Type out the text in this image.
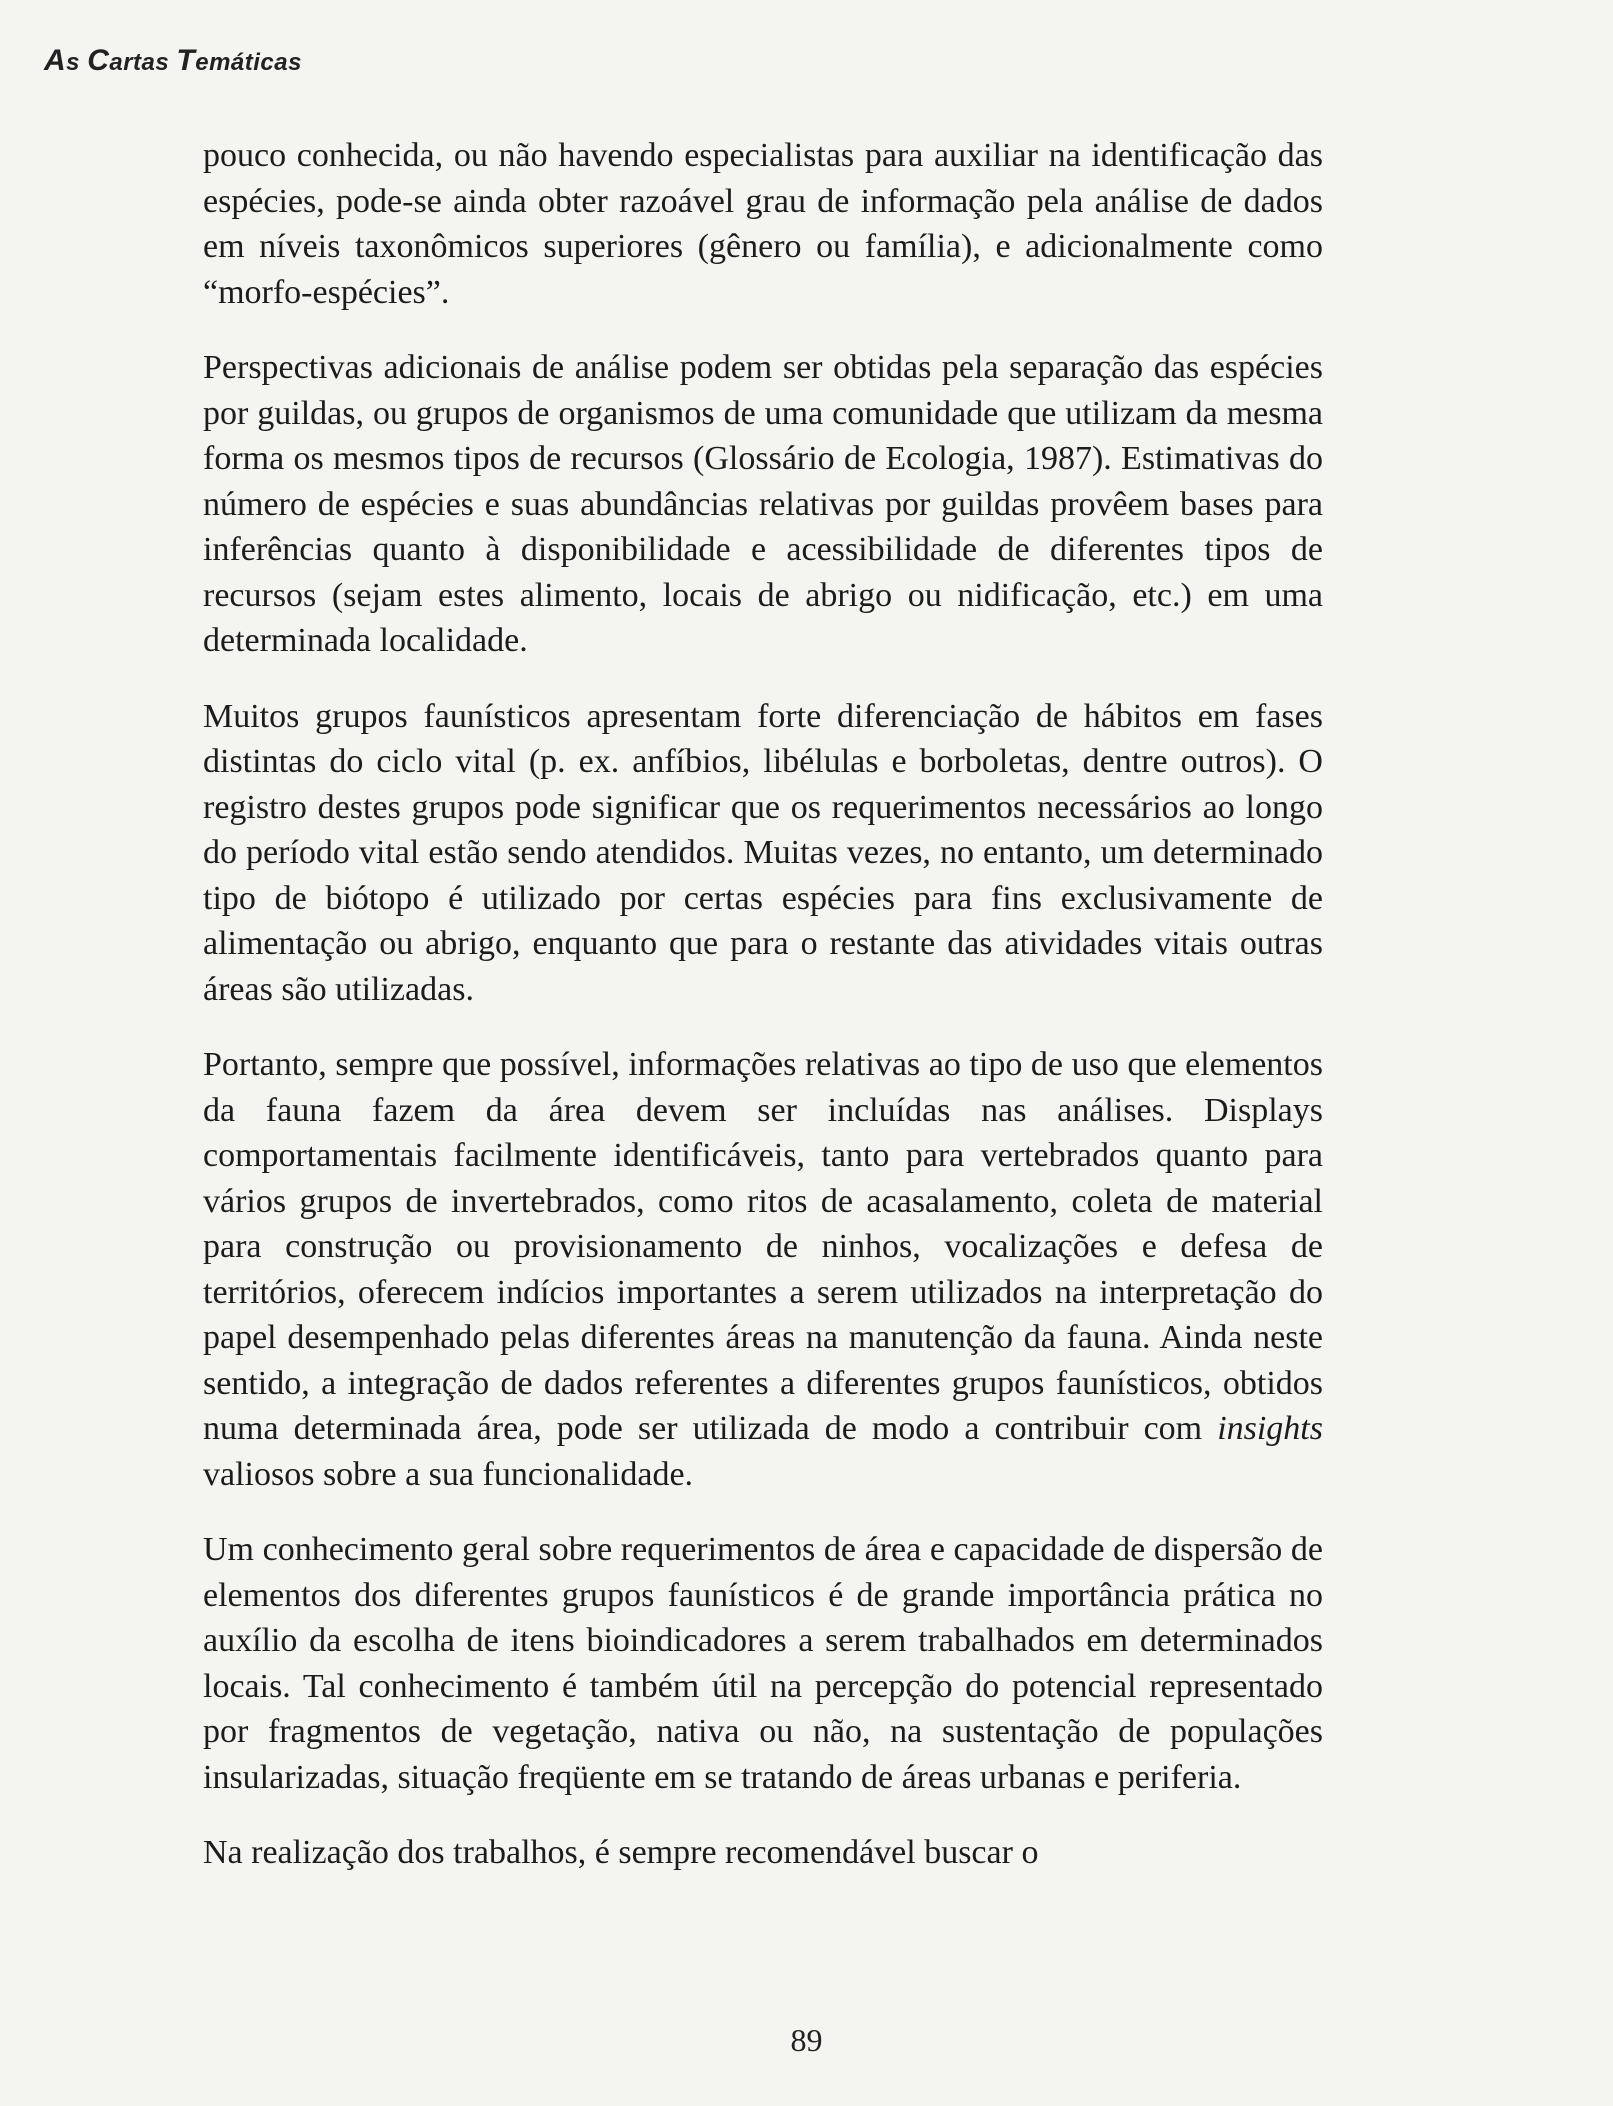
As Cartas Temáticas

pouco conhecida, ou não havendo especialistas para auxiliar na identificação das espécies, pode-se ainda obter razoável grau de informação pela análise de dados em níveis taxonômicos superiores (gênero ou família), e adicionalmente como “morfo-espécies”.

Perspectivas adicionais de análise podem ser obtidas pela separação das espécies por guildas, ou grupos de organismos de uma comunidade que utilizam da mesma forma os mesmos tipos de recursos (Glossário de Ecologia, 1987). Estimativas do número de espécies e suas abundâncias relativas por guildas provêem bases para inferências quanto à disponibilidade e acessibilidade de diferentes tipos de recursos (sejam estes alimento, locais de abrigo ou nidificação, etc.) em uma determinada localidade.

Muitos grupos faunísticos apresentam forte diferenciação de hábitos em fases distintas do ciclo vital (p. ex. anfíbios, libélulas e borboletas, dentre outros). O registro destes grupos pode significar que os requerimentos necessários ao longo do período vital estão sendo atendidos. Muitas vezes, no entanto, um determinado tipo de biótopo é utilizado por certas espécies para fins exclusivamente de alimentação ou abrigo, enquanto que para o restante das atividades vitais outras áreas são utilizadas.

Portanto, sempre que possível, informações relativas ao tipo de uso que elementos da fauna fazem da área devem ser incluídas nas análises. Displays comportamentais facilmente identificáveis, tanto para vertebrados quanto para vários grupos de invertebrados, como ritos de acasalamento, coleta de material para construção ou provisionamento de ninhos, vocalizações e defesa de territórios, oferecem indícios importantes a serem utilizados na interpretação do papel desempenhado pelas diferentes áreas na manutenção da fauna. Ainda neste sentido, a integração de dados referentes a diferentes grupos faunísticos, obtidos numa determinada área, pode ser utilizada de modo a contribuir com insights valiosos sobre a sua funcionalidade.

Um conhecimento geral sobre requerimentos de área e capacidade de dispersão de elementos dos diferentes grupos faunísticos é de grande importância prática no auxílio da escolha de itens bioindicadores a serem trabalhados em determinados locais. Tal conhecimento é também útil na percepção do potencial representado por fragmentos de vegetação, nativa ou não, na sustentação de populações insularizadas, situação freqüente em se tratando de áreas urbanas e periferia.

Na realização dos trabalhos, é sempre recomendável buscar o

89
